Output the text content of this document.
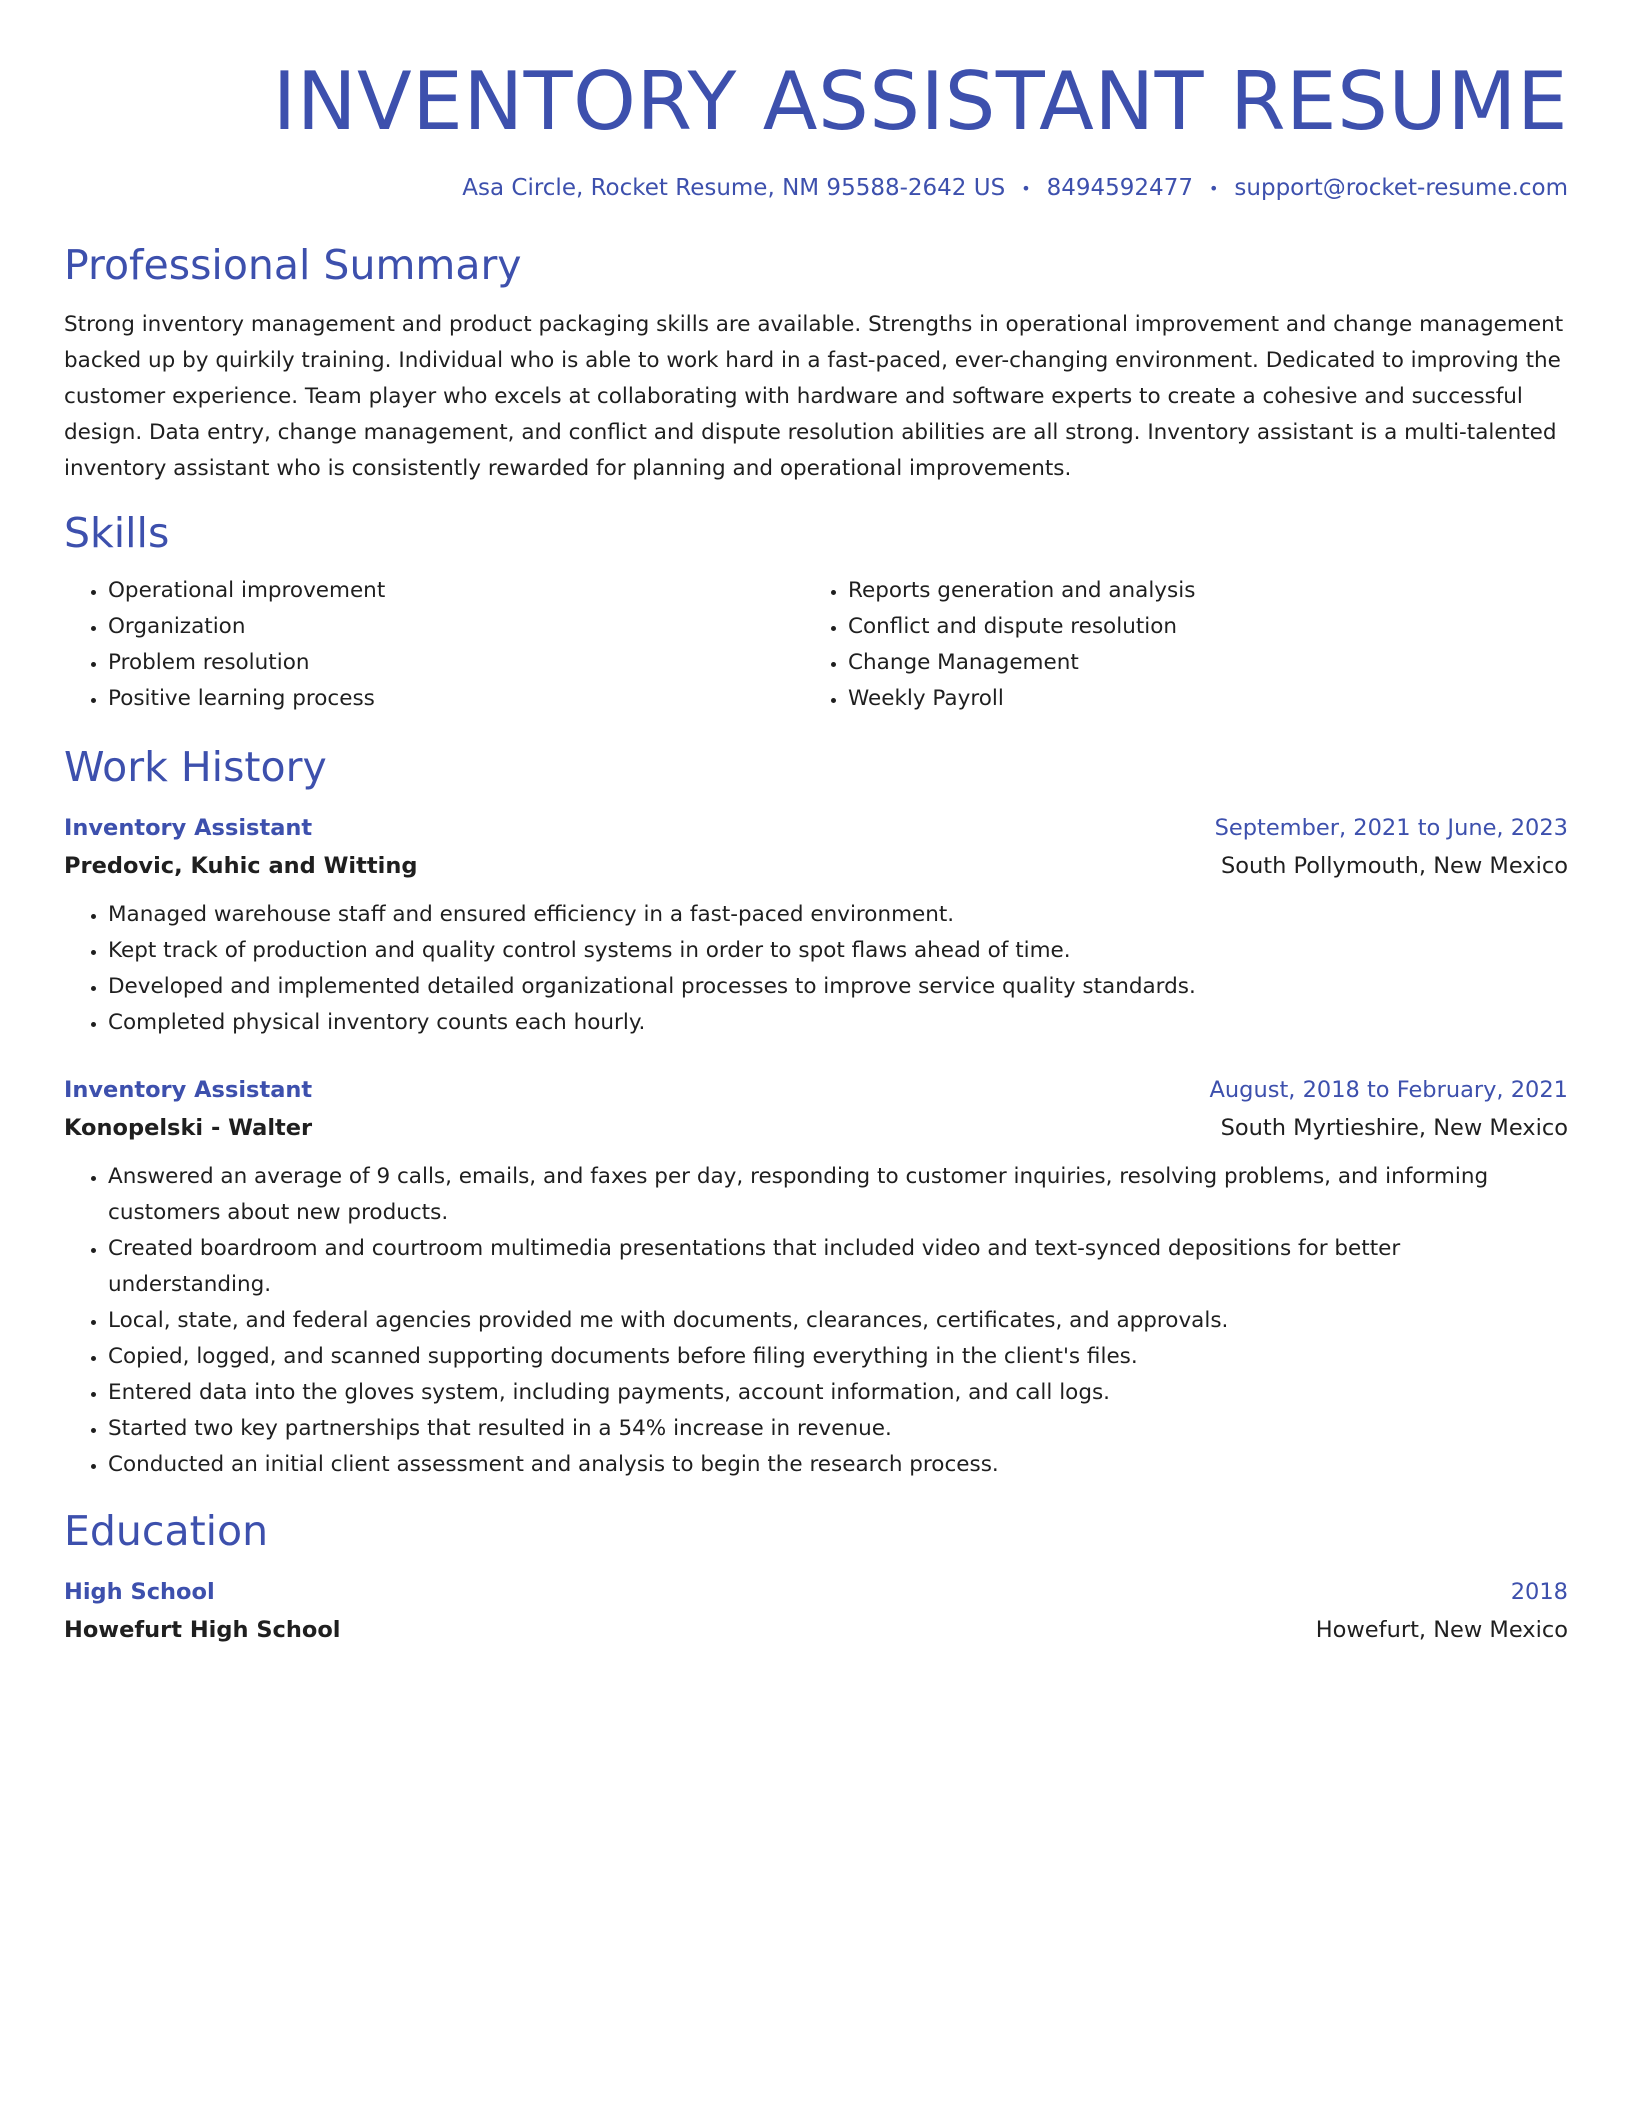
INVENTORY ASSISTANT RESUME
Asa Circle, Rocket Resume, NM 95588-2642 US • 8494592477 • support@rocket-resume.com
Professional Summary

Strong inventory management and product packaging skills are available. Strengths in operational improvement and change management backed up by quirkily training. Individual who is able to work hard in a fast-paced, ever-changing environment. Dedicated to improving the customer experience. Team player who excels at collaborating with hardware and software experts to create a cohesive and successful design. Data entry, change management, and conflict and dispute resolution abilities are all strong. Inventory assistant is a multi-talented inventory assistant who is consistently rewarded for planning and operational improvements.

Skills
• Operational improvement
• Organization
• Problem resolution
• Positive learning process
• Reports generation and analysis
• Conflict and dispute resolution
• Change Management
• Weekly Payroll
Work History
Inventory Assistant	September, 2021 to June, 2023
Predovic, Kuhic and Witting	South Pollymouth, New Mexico
• Managed warehouse staff and ensured efficiency in a fast-paced environment.
• Kept track of production and quality control systems in order to spot flaws ahead of time.
• Developed and implemented detailed organizational processes to improve service quality standards.
• Completed physical inventory counts each hourly.
Inventory Assistant	August, 2018 to February, 2021
Konopelski - Walter	South Myrtieshire, New Mexico
• Answered an average of 9 calls, emails, and faxes per day, responding to customer inquiries, resolving problems, and informing customers about new products.
• Created boardroom and courtroom multimedia presentations that included video and text-synced depositions for better understanding.
• Local, state, and federal agencies provided me with documents, clearances, certificates, and approvals.
• Copied, logged, and scanned supporting documents before filing everything in the client's files.
• Entered data into the gloves system, including payments, account information, and call logs.
• Started two key partnerships that resulted in a 54% increase in revenue.
• Conducted an initial client assessment and analysis to begin the research process.
Education
High School	2018
Howefurt High School	Howefurt, New Mexico
